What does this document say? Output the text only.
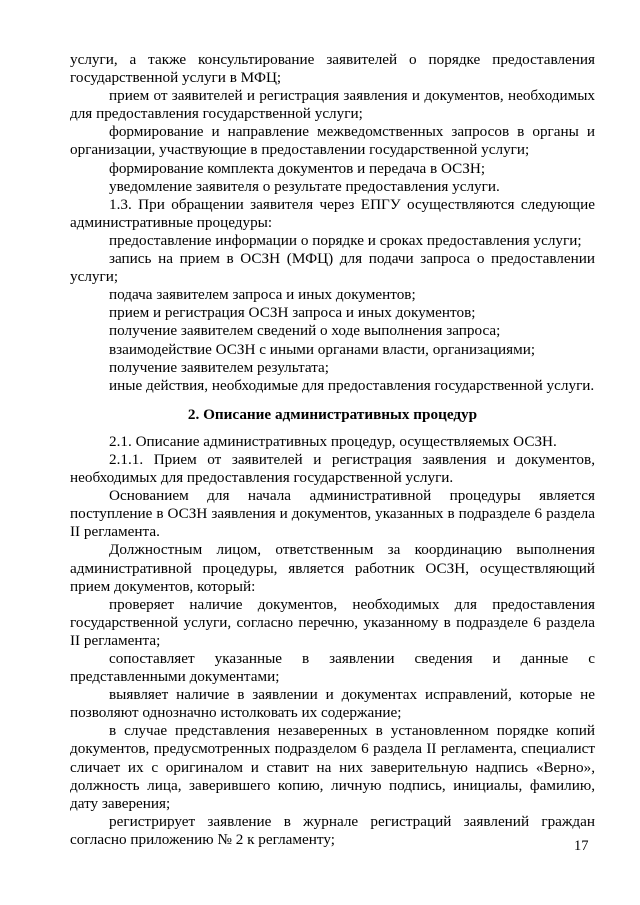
услуги, а также консультирование заявителей о порядке предоставления государственной услуги в МФЦ;

прием от заявителей и регистрация заявления и документов, необходимых для предоставления государственной услуги;

формирование и направление межведомственных запросов в органы и организации, участвующие в предоставлении государственной услуги;

формирование комплекта документов и передача в ОСЗН;

уведомление заявителя о результате предоставления услуги.

1.3. При обращении заявителя через ЕПГУ осуществляются следующие административные процедуры:

предоставление информации о порядке и сроках предоставления услуги;

запись на прием в ОСЗН (МФЦ) для подачи запроса о предоставлении услуги;

подача заявителем запроса и иных документов;

прием и регистрация ОСЗН запроса и иных документов;

получение заявителем сведений о ходе выполнения запроса;

взаимодействие ОСЗН с иными органами власти, организациями;

получение заявителем результата;

иные действия, необходимые для предоставления государственной услуги.

2. Описание административных процедур

2.1. Описание административных процедур, осуществляемых ОСЗН.

2.1.1. Прием от заявителей и регистрация заявления и документов, необходимых для предоставления государственной услуги.

Основанием для начала административной процедуры является поступление в ОСЗН заявления и документов, указанных в подразделе 6 раздела II регламента.

Должностным лицом, ответственным за координацию выполнения административной процедуры, является работник ОСЗН, осуществляющий прием документов, который:

проверяет наличие документов, необходимых для предоставления государственной услуги, согласно перечню, указанному в подразделе 6 раздела II регламента;

сопоставляет указанные в заявлении сведения и данные с представленными документами;

выявляет наличие в заявлении и документах исправлений, которые не позволяют однозначно истолковать их содержание;

в случае представления незаверенных в установленном порядке копий документов, предусмотренных подразделом 6 раздела II регламента, специалист сличает их с оригиналом и ставит на них заверительную надпись «Верно», должность лица, заверившего копию, личную подпись, инициалы, фамилию, дату заверения;

регистрирует заявление в журнале регистраций заявлений граждан согласно приложению № 2 к регламенту;	17
